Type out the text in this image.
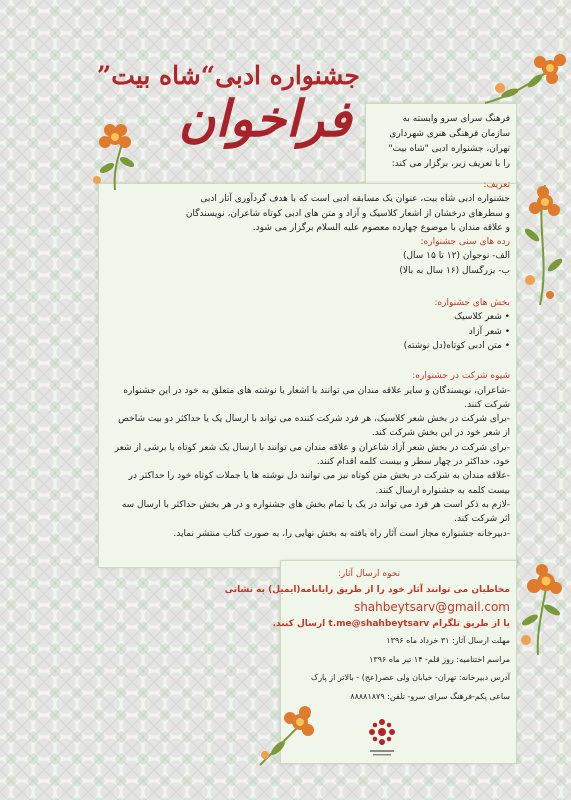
جشنواره ادبی“شاه بیت”
فراخوان	فرهنگ سرای سرو وابسته به
سازمان فرهنگی هنری شهرداری
تهران، جشنواره ادبی "شاه بیت"
را با تعریف زیر، برگزار می کند:
تعریف:
جشنواره ادبی شاه بیت، عنوان یک مسابقه ادبی است که با هدف گردآوری آثار ادبی
و سطرهای درخشان از اشعار کلاسیک و آزاد و متن های ادبی کوتاه شاعران، نویسندگان
و علاقه مندان با موضوع چهارده معصوم علیه السلام برگزار می شود.
رده های سنی جشنواره:
الف- نوجوان (۱۲ تا ۱۵ سال)
ب- بزرگسال (۱۶ سال به بالا)
بخش های جشنواره:
• شعر کلاسیک
• شعر آزاد
• متن ادبی کوتاه(دل نوشته)
شیوه شرکت در جشنواره:
-شاعران، نویسندگان و سایر علاقه مندان می توانند با اشعار یا نوشته های متعلق به خود در این جشنواره
شرکت کنند.
-برای شرکت در بخش شعر کلاسیک، هر فرد شرکت کننده می تواند با ارسال یک یا حداکثر دو بیت شاخص
از شعر خود در این بخش شرکت کند.
-برای شرکت در بخش شعر آزاد شاعران و علاقه مندان می توانند با ارسال یک شعر کوتاه یا برشی از شعر
خود، حداکثر در چهار سطر و بیست کلمه اقدام کنند.
-علاقه مندان به شرکت در بخش متن کوتاه نیز می توانند دل نوشته ها یا جملات کوتاه خود را حداکثر در
بیست کلمه به جشنواره ارسال کنند.
-لازم به ذکر است هر فرد می تواند در یک یا تمام بخش های جشنواره و در هر بخش حداکثر با ارسال سه
اثر شرکت کند.
-دبیرخانه جشنواره مجاز است آثار راه یافته به بخش نهایی را، به صورت کتاب منتشر نماید.
نحوه ارسال آثار:
مخاطبان می توانند آثار خود را از طریق رایانامه(ایمیل) به نشانی
shahbeytsarv@gmail.com
یا از طریق تلگرام t.me@shahbeytsarv ارسال کنند.
مهلت ارسال آثار: ۳۱ خرداد ماه ۱۳۹۶
مراسم اختتامیه: روز قلم- ۱۴ تیر ماه ۱۳۹۶
آدرس دبیرخانه: تهران- خیابان ولی عصر(عج) - بالاتر از پارک
ساعی پکم-فرهنگ سرای سرو- تلفن: ۸۸۸۸۱۸۷۹
